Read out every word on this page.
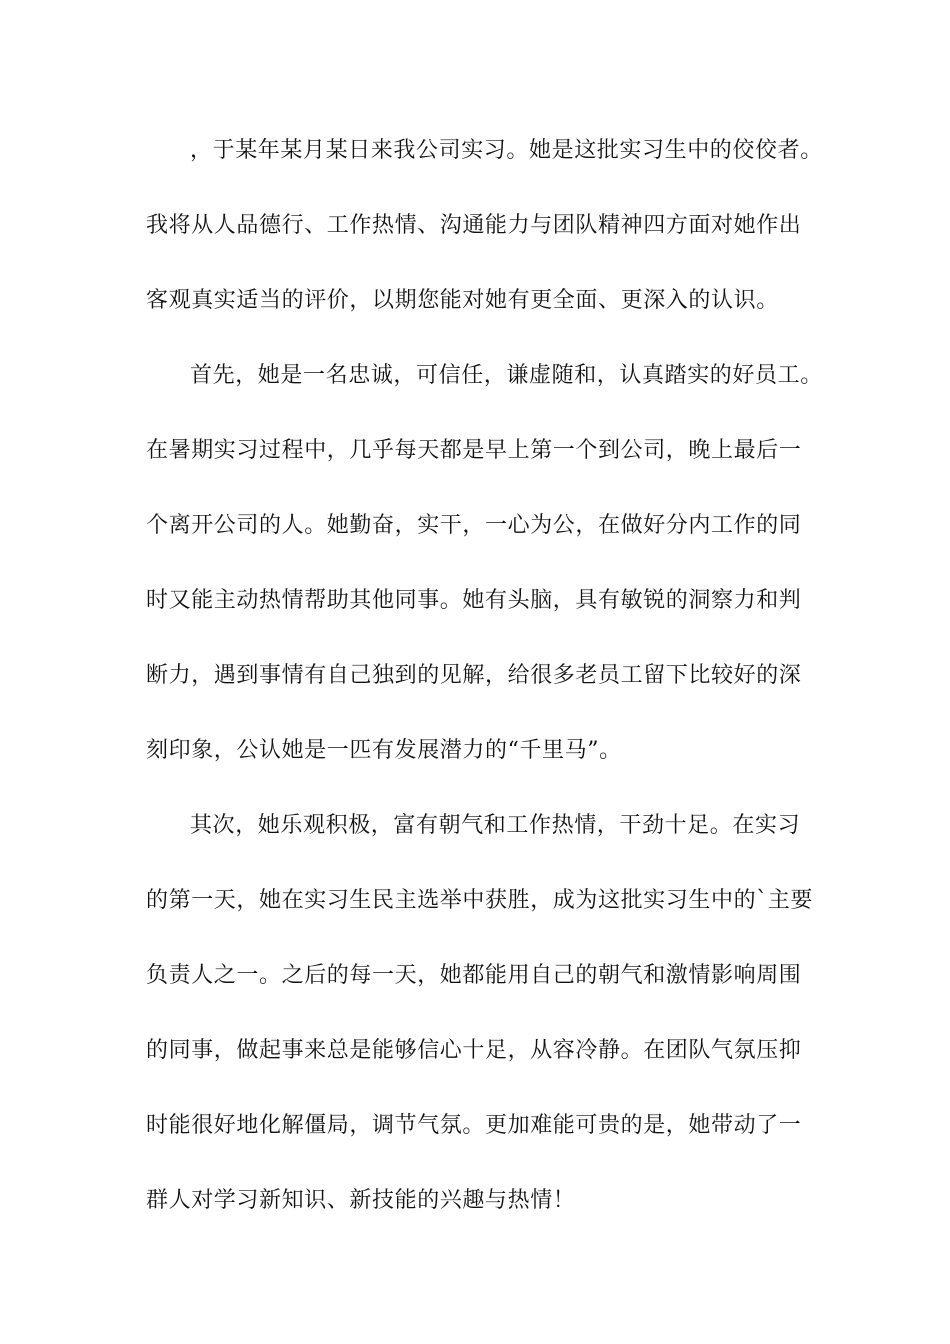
，于某年某月某日来我公司实习。她是这批实习生中的佼佼者。
我将从人品德行、工作热情、沟通能力与团队精神四方面对她作出
客观真实适当的评价，以期您能对她有更全面、更深入的认识。
首先，她是一名忠诚，可信任，谦虚随和，认真踏实的好员工。
在暑期实习过程中，几乎每天都是早上第一个到公司，晚上最后一
个离开公司的人。她勤奋，实干，一心为公，在做好分内工作的同
时又能主动热情帮助其他同事。她有头脑，具有敏锐的洞察力和判
断力，遇到事情有自己独到的见解，给很多老员工留下比较好的深
刻印象，公认她是一匹有发展潜力的“千里马”。
其次，她乐观积极，富有朝气和工作热情，干劲十足。在实习
的第一天，她在实习生民主选举中获胜，成为这批实习生中的`主要
负责人之一。之后的每一天，她都能用自己的朝气和激情影响周围
的同事，做起事来总是能够信心十足，从容冷静。在团队气氛压抑
时能很好地化解僵局，调节气氛。更加难能可贵的是，她带动了一
群人对学习新知识、新技能的兴趣与热情！
